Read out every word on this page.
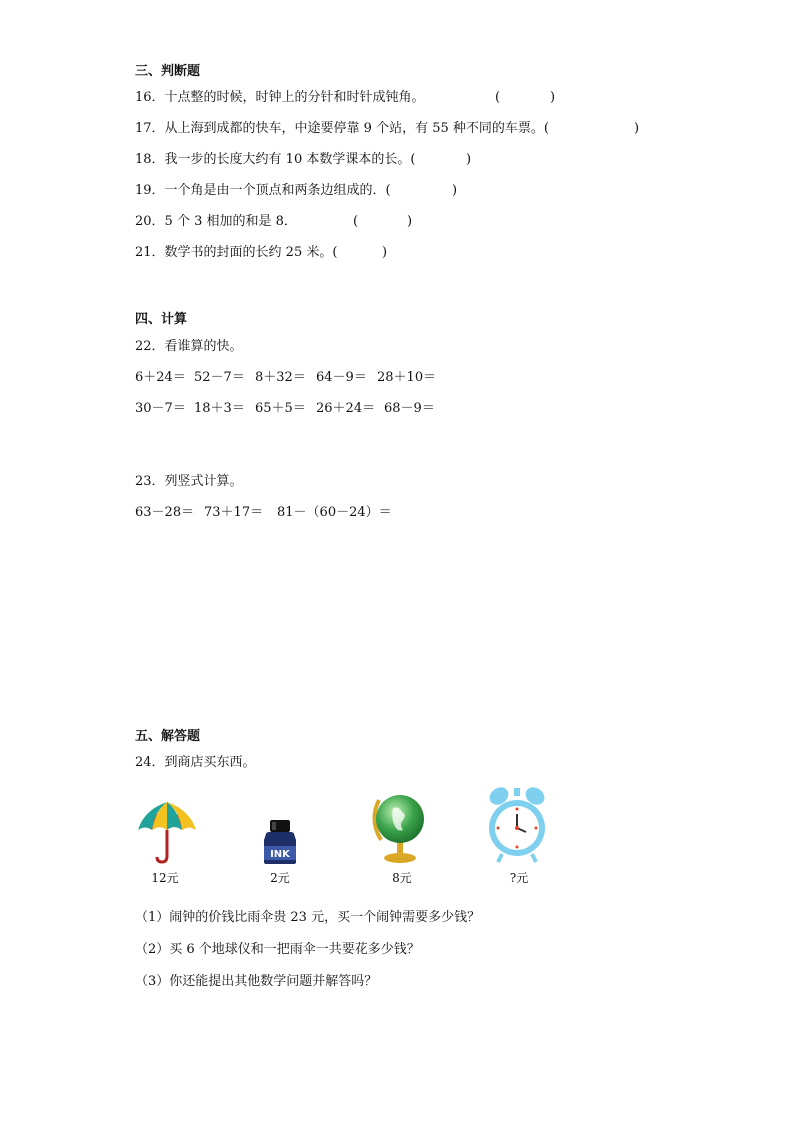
三、判断题
16．十点整的时候，时钟上的分针和时针成钝角。	(	)
17．从上海到成都的快车，中途要停靠 9 个站，有 55 种不同的车票。(	)
18．我一步的长度大约有 10 本数学课本的长。(	)
19．一个角是由一个顶点和两条边组成的．(	)
20．5 个 3 相加的和是 8．	(	)
21．数学书的封面的长约 25 米。(	)
四、计算
22．看谁算的快。
6＋24＝ 52－7＝ 8＋32＝ 64－9＝ 28＋10＝
30－7＝ 18＋3＝ 65＋5＝ 26＋24＝ 68－9＝
23．列竖式计算。
63－28＝ 73＋17＝ 81－（60－24）＝
五、解答题
24．到商店买东西。
INK
12元	2元	8元	?元
（1）闹钟的价钱比雨伞贵 23 元，买一个闹钟需要多少钱？
（2）买 6 个地球仪和一把雨伞一共要花多少钱？
（3）你还能提出其他数学问题并解答吗？
